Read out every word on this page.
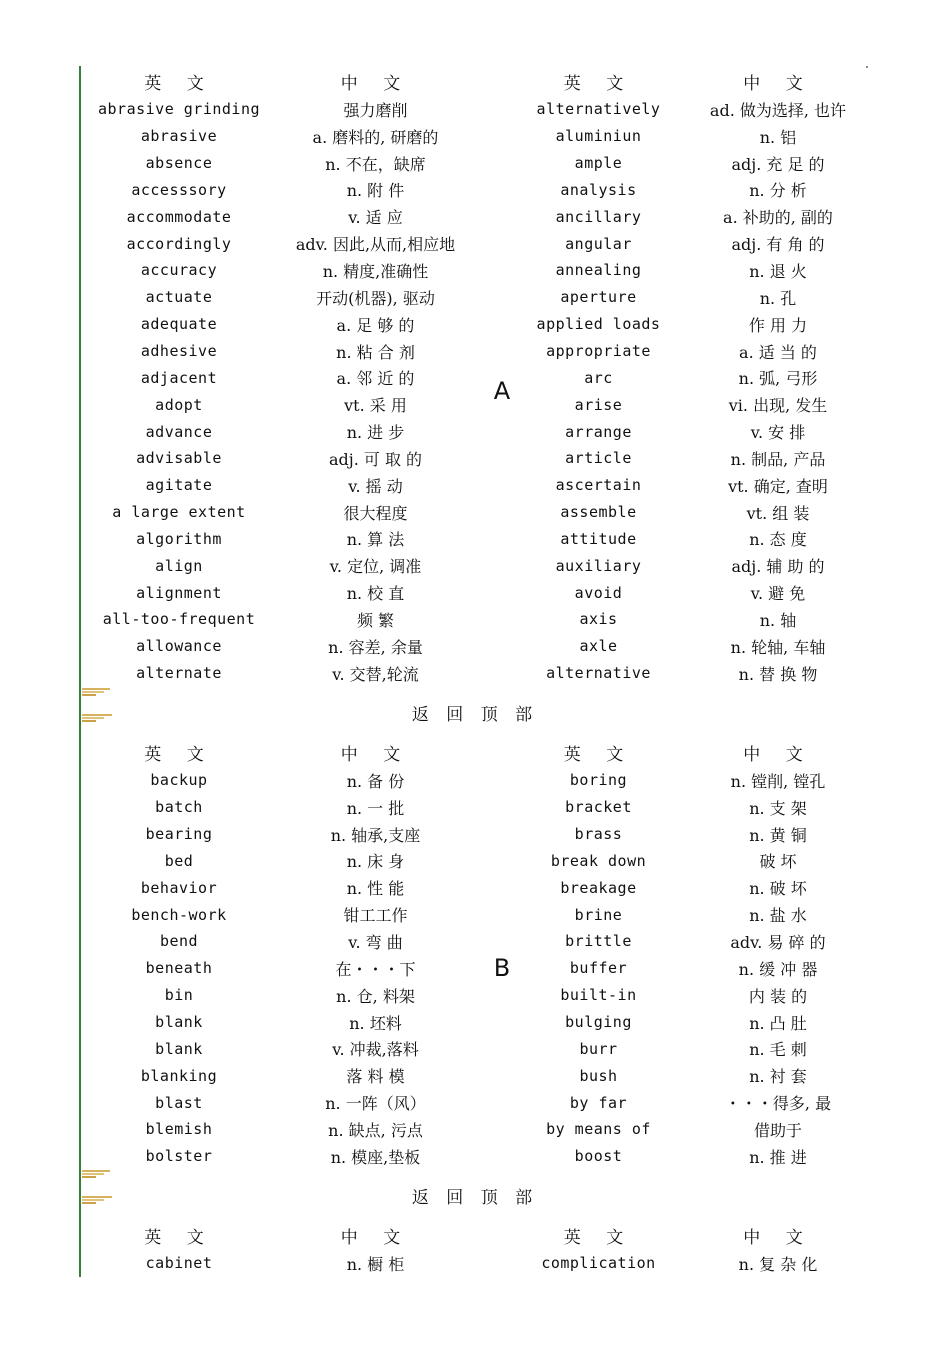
英 文	中 文		英 文	中 文
abrasive grinding	强力磨削	A	alternatively	ad. 做为选择, 也许
abrasive	a. 磨料的, 研磨的		aluminiun	n. 铝
absence	n. 不在，缺席		ample	adj. 充 足 的
accesssory	n. 附 件		analysis	n. 分 析
accommodate	v. 适 应		ancillary	a. 补助的, 副的
accordingly	adv. 因此,从而,相应地		angular	adj. 有 角 的
accuracy	n. 精度,准确性		annealing	n. 退 火
actuate	开动(机器), 驱动		aperture	n. 孔
adequate	a. 足 够 的		applied loads	作 用 力
adhesive	n. 粘 合 剂		appropriate	a. 适 当 的
adjacent	a. 邻 近 的		arc	n. 弧, 弓形
adopt	vt. 采 用		arise	vi. 出现, 发生
advance	n. 进 步		arrange	v. 安 排
advisable	adj. 可 取 的		article	n. 制品, 产品
agitate	v. 摇 动		ascertain	vt. 确定, 查明
a large extent	很大程度		assemble	vt. 组 装
algorithm	n. 算 法		attitude	n. 态 度
align	v. 定位, 调准		auxiliary	adj. 辅 助 的
alignment	n. 校 直		avoid	v. 避 免
all-too-frequent	频 繁		axis	n. 轴
allowance	n. 容差, 余量		axle	n. 轮轴, 车轴
alternate	v. 交替,轮流		alternative	n. 替 换 物
返 回 顶 部
英 文	中 文		英 文	中 文
backup	n. 备 份	B	boring	n. 镗削, 镗孔
batch	n. 一 批		bracket	n. 支 架
bearing	n. 轴承,支座		brass	n. 黄 铜
bed	n. 床 身		break down	破 坏
behavior	n. 性 能		breakage	n. 破 坏
bench-work	钳工工作		brine	n. 盐 水
bend	v. 弯 曲		brittle	adv. 易 碎 的
beneath	在・・・下		buffer	n. 缓 冲 器
bin	n. 仓, 料架		built-in	内 装 的
blank	n. 坯料		bulging	n. 凸 肚
blank	v. 冲裁,落料		burr	n. 毛 刺
blanking	落 料 模		bush	n. 衬 套
blast	n. 一阵（风）		by far	・・・得多, 最
blemish	n. 缺点, 污点		by means of	借助于
bolster	n. 模座,垫板		boost	n. 推 进
返 回 顶 部
英 文	中 文		英 文	中 文
cabinet	n. 橱 柜		complication	n. 复 杂 化
